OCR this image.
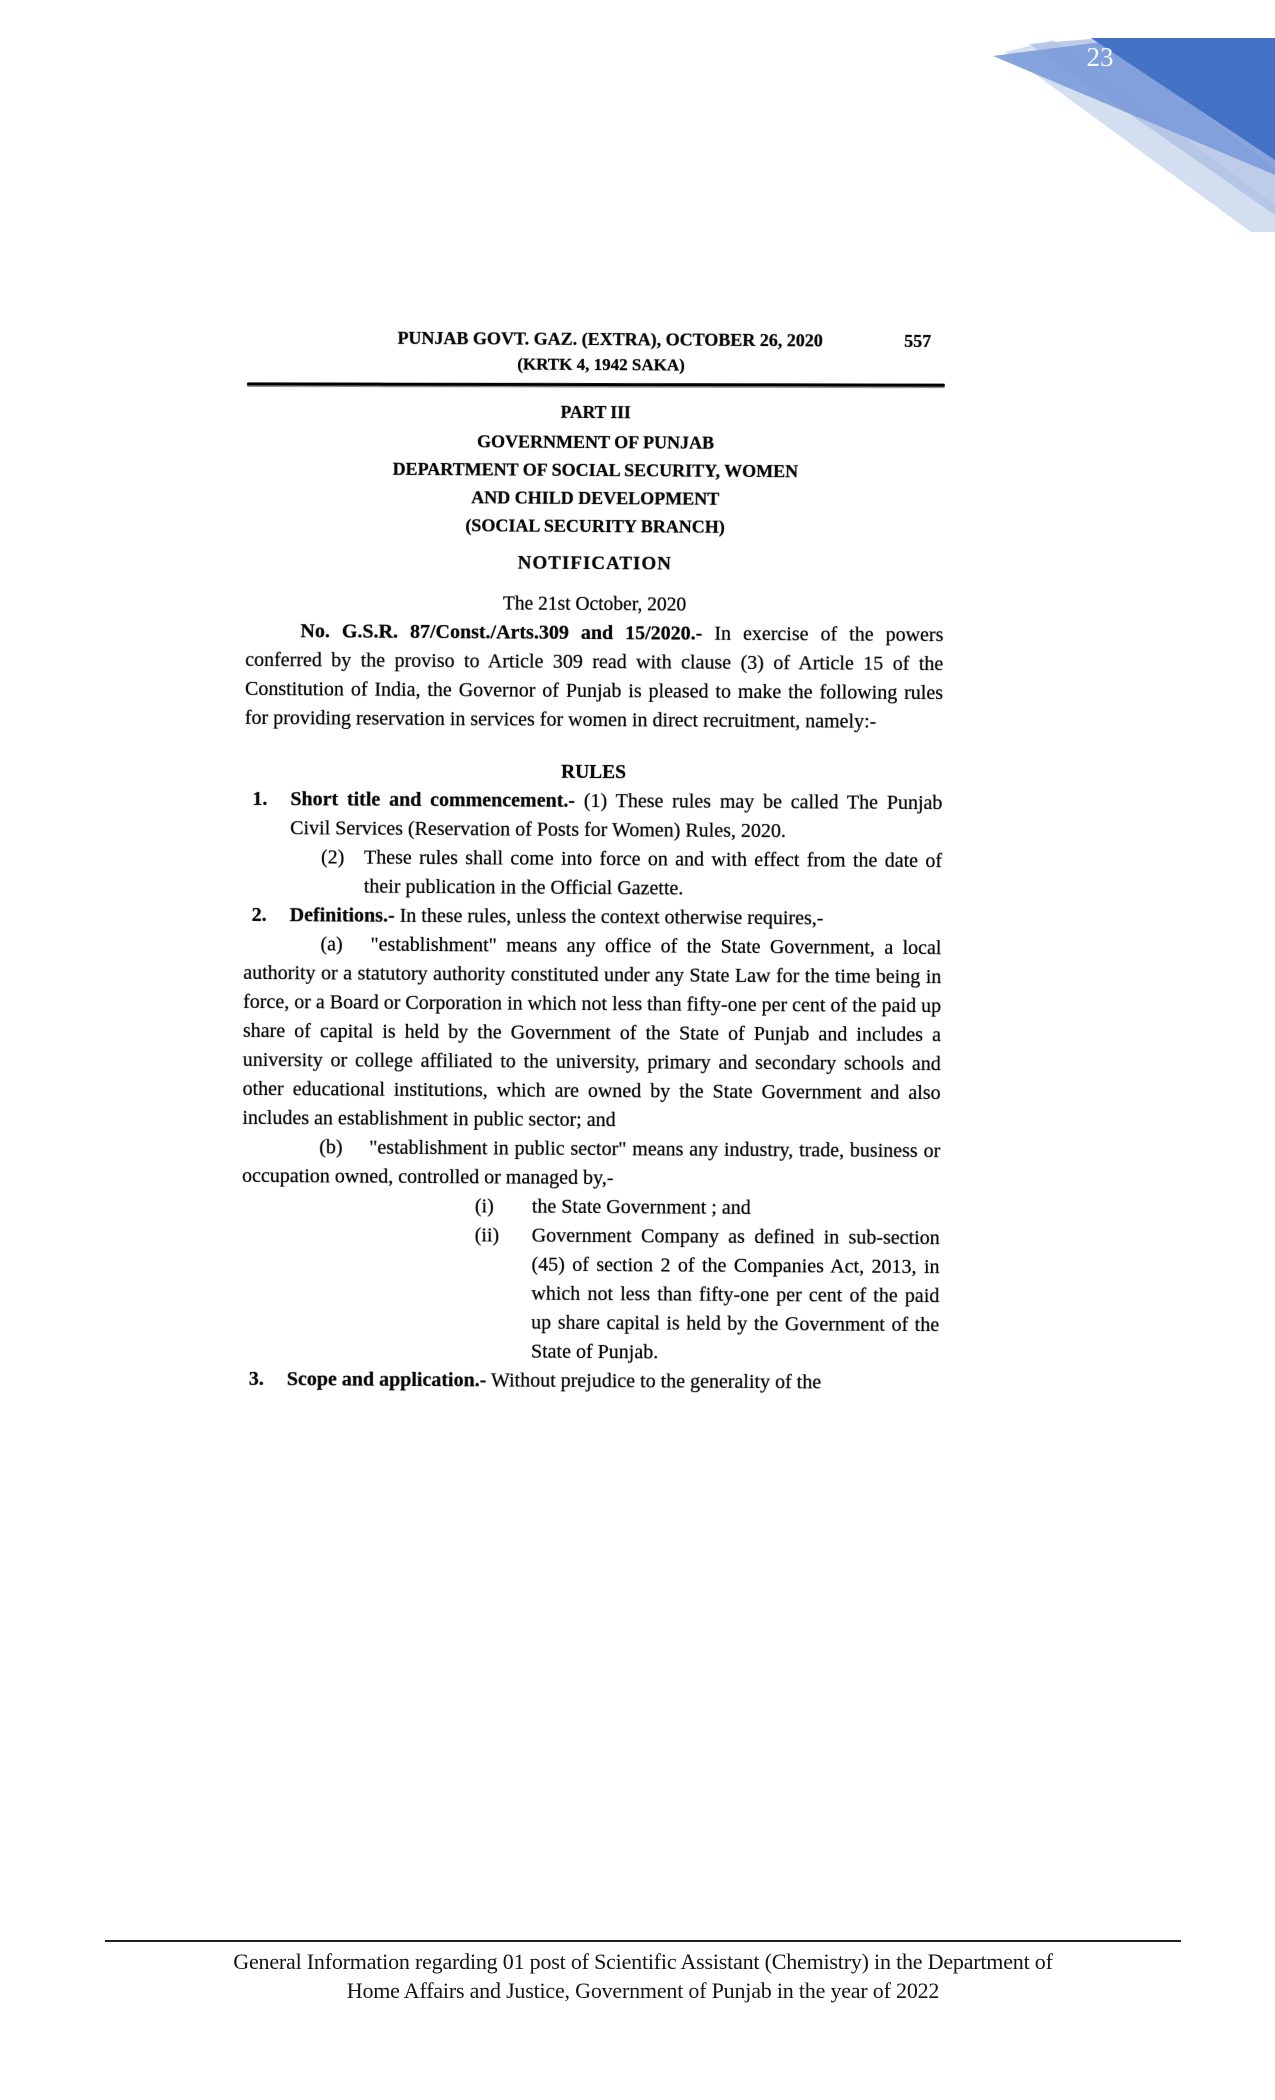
23
PUNJAB GOVT. GAZ. (EXTRA), OCTOBER 26, 2020	557
(KRTK 4, 1942 SAKA)
PART III
GOVERNMENT OF PUNJAB
DEPARTMENT OF SOCIAL SECURITY, WOMEN
AND CHILD DEVELOPMENT
(SOCIAL SECURITY BRANCH)
NOTIFICATION
The 21st October, 2020

No. G.S.R. 87/Const./Arts.309 and 15/2020.- In exercise of the powers conferred by the proviso to Article 309 read with clause (3) of Article 15 of the Constitution of India, the Governor of Punjab is pleased to make the following rules for providing reservation in services for women in direct recruitment, namely:-

RULES

1. Short title and commencement.- (1) These rules may be called The Punjab Civil Services (Reservation of Posts for Women) Rules, 2020.

(2) These rules shall come into force on and with effect from the date of their publication in the Official Gazette.

2. Definitions.- In these rules, unless the context otherwise requires,-

(a) "establishment" means any office of the State Government, a local authority or a statutory authority constituted under any State Law for the time being in force, or a Board or Corporation in which not less than fifty-one per cent of the paid up share of capital is held by the Government of the State of Punjab and includes a university or college affiliated to the university, primary and secondary schools and other educational institutions, which are owned by the State Government and also includes an establishment in public sector; and

(b) "establishment in public sector" means any industry, trade, business or occupation owned, controlled or managed by,-

(i) the State Government ; and

(ii) Government Company as defined in sub-section (45) of section 2 of the Companies Act, 2013, in which not less than fifty-one per cent of the paid up share capital is held by the Government of the State of Punjab.

3. Scope and application.- Without prejudice to the generality of the

General Information regarding 01 post of Scientific Assistant (Chemistry) in the Department of
Home Affairs and Justice, Government of Punjab in the year of 2022
